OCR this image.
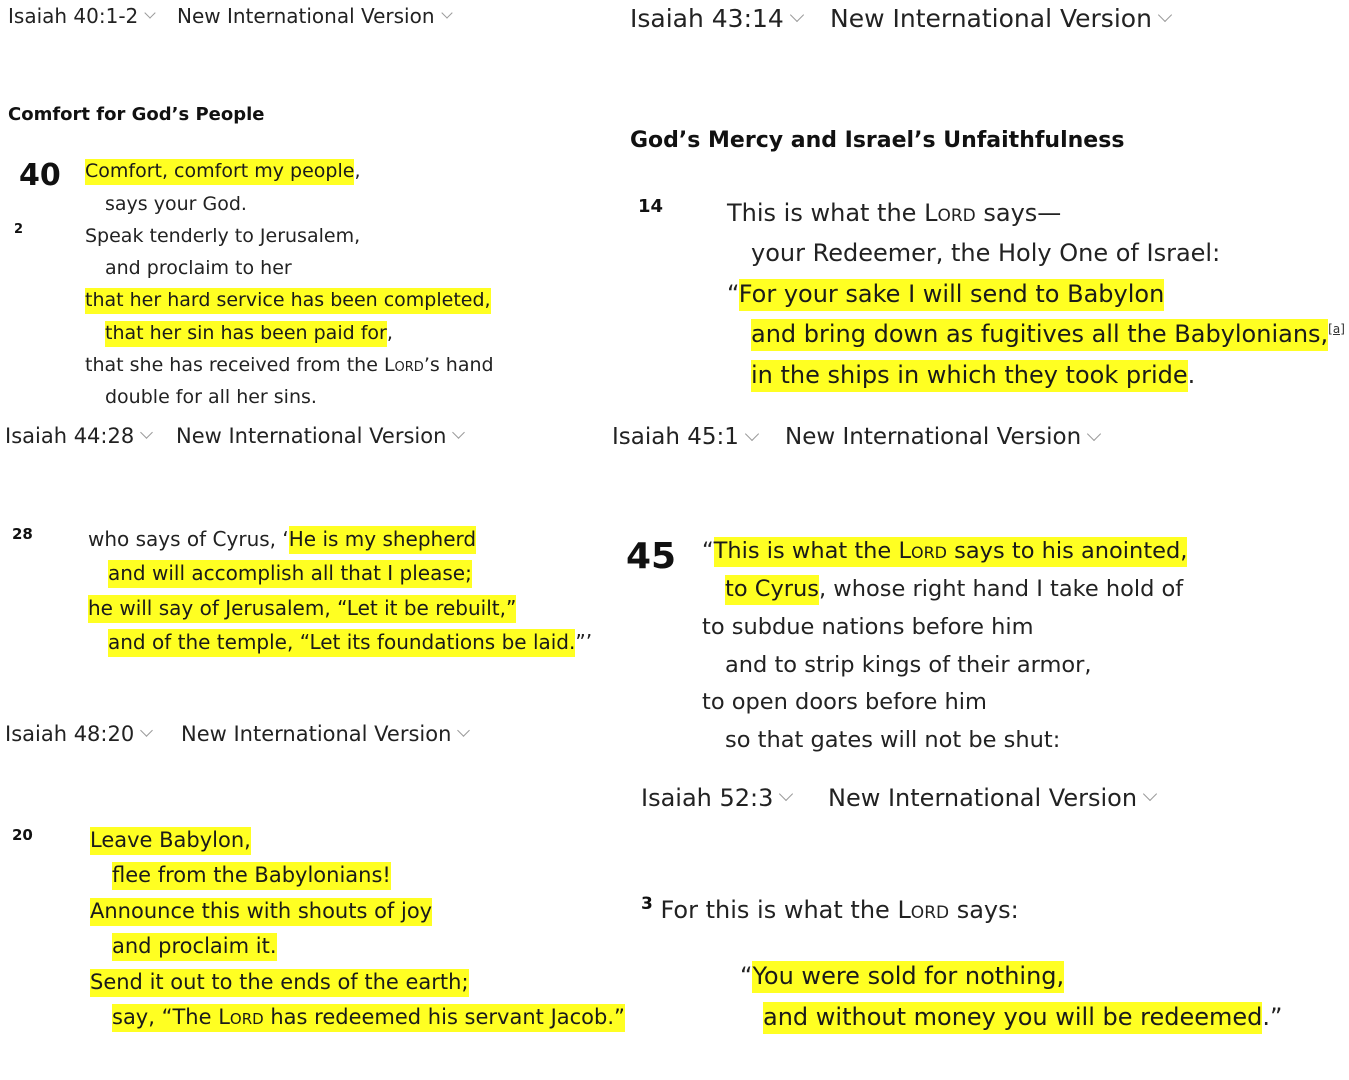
Isaiah 40:1-2 New International Version
Comfort for God’s People
40
2
Comfort, comfort my people,
says your God.
Speak tenderly to Jerusalem,
and proclaim to her
that her hard service has been completed,
that her sin has been paid for,
that she has received from the Lord’s hand
double for all her sins.
Isaiah 43:14 New International Version
God’s Mercy and Israel’s Unfaithfulness
14	This is what the Lord says—
your Redeemer, the Holy One of Israel:
“For your sake I will send to Babylon
and bring down as fugitives all the Babylonians,[a]
in the ships in which they took pride.
Isaiah 44:28 New International Version
28	who says of Cyrus, ‘He is my shepherd
and will accomplish all that I please;
he will say of Jerusalem, “Let it be rebuilt,”
and of the temple, “Let its foundations be laid.”’
Isaiah 45:1 New International Version
45 “This is what the Lord says to his anointed,
to Cyrus, whose right hand I take hold of
to subdue nations before him
and to strip kings of their armor,
to open doors before him
so that gates will not be shut:
Isaiah 48:20 New International Version
20	Leave Babylon,
flee from the Babylonians!
Announce this with shouts of joy
and proclaim it.
Send it out to the ends of the earth;
say, “The Lord has redeemed his servant Jacob.”
Isaiah 52:3 New International Version
$^3$ For this is what the Lord says:
“You were sold for nothing,
and without money you will be redeemed.”
